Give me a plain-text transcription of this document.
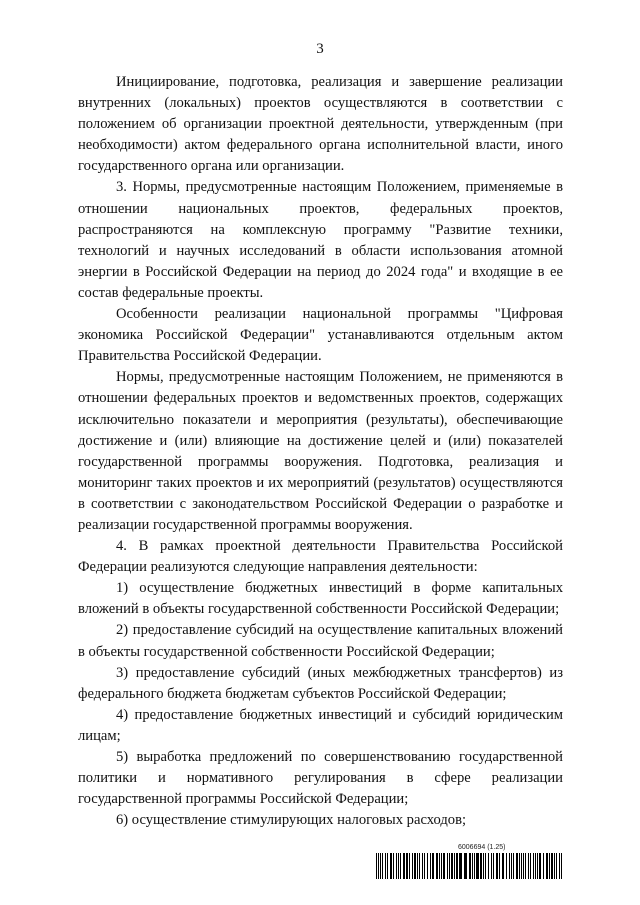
3

Инициирование, подготовка, реализация и завершение реализации внутренних (локальных) проектов осуществляются в соответствии с положением об организации проектной деятельности, утвержденным (при необходимости) актом федерального органа исполнительной власти, иного государственного органа или организации.

3. Нормы, предусмотренные настоящим Положением, применяемые в отношении национальных проектов, федеральных проектов, распространяются на комплексную программу "Развитие техники, технологий и научных исследований в области использования атомной энергии в Российской Федерации на период до 2024 года" и входящие в ее состав федеральные проекты.

Особенности реализации национальной программы "Цифровая экономика Российской Федерации" устанавливаются отдельным актом Правительства Российской Федерации.

Нормы, предусмотренные настоящим Положением, не применяются в отношении федеральных проектов и ведомственных проектов, содержащих исключительно показатели и мероприятия (результаты), обеспечивающие достижение и (или) влияющие на достижение целей и (или) показателей государственной программы вооружения. Подготовка, реализация и мониторинг таких проектов и их мероприятий (результатов) осуществляются в соответствии с законодательством Российской Федерации о разработке и реализации государственной программы вооружения.

4. В рамках проектной деятельности Правительства Российской Федерации реализуются следующие направления деятельности:

1) осуществление бюджетных инвестиций в форме капитальных вложений в объекты государственной собственности Российской Федерации;

2) предоставление субсидий на осуществление капитальных вложений в объекты государственной собственности Российской Федерации;

3) предоставление субсидий (иных межбюджетных трансфертов) из федерального бюджета бюджетам субъектов Российской Федерации;

4) предоставление бюджетных инвестиций и субсидий юридическим лицам;

5) выработка предложений по совершенствованию государственной политики и нормативного регулирования в сфере реализации государственной программы Российской Федерации;

6) осуществление стимулирующих налоговых расходов;

6006694 (1.25)
